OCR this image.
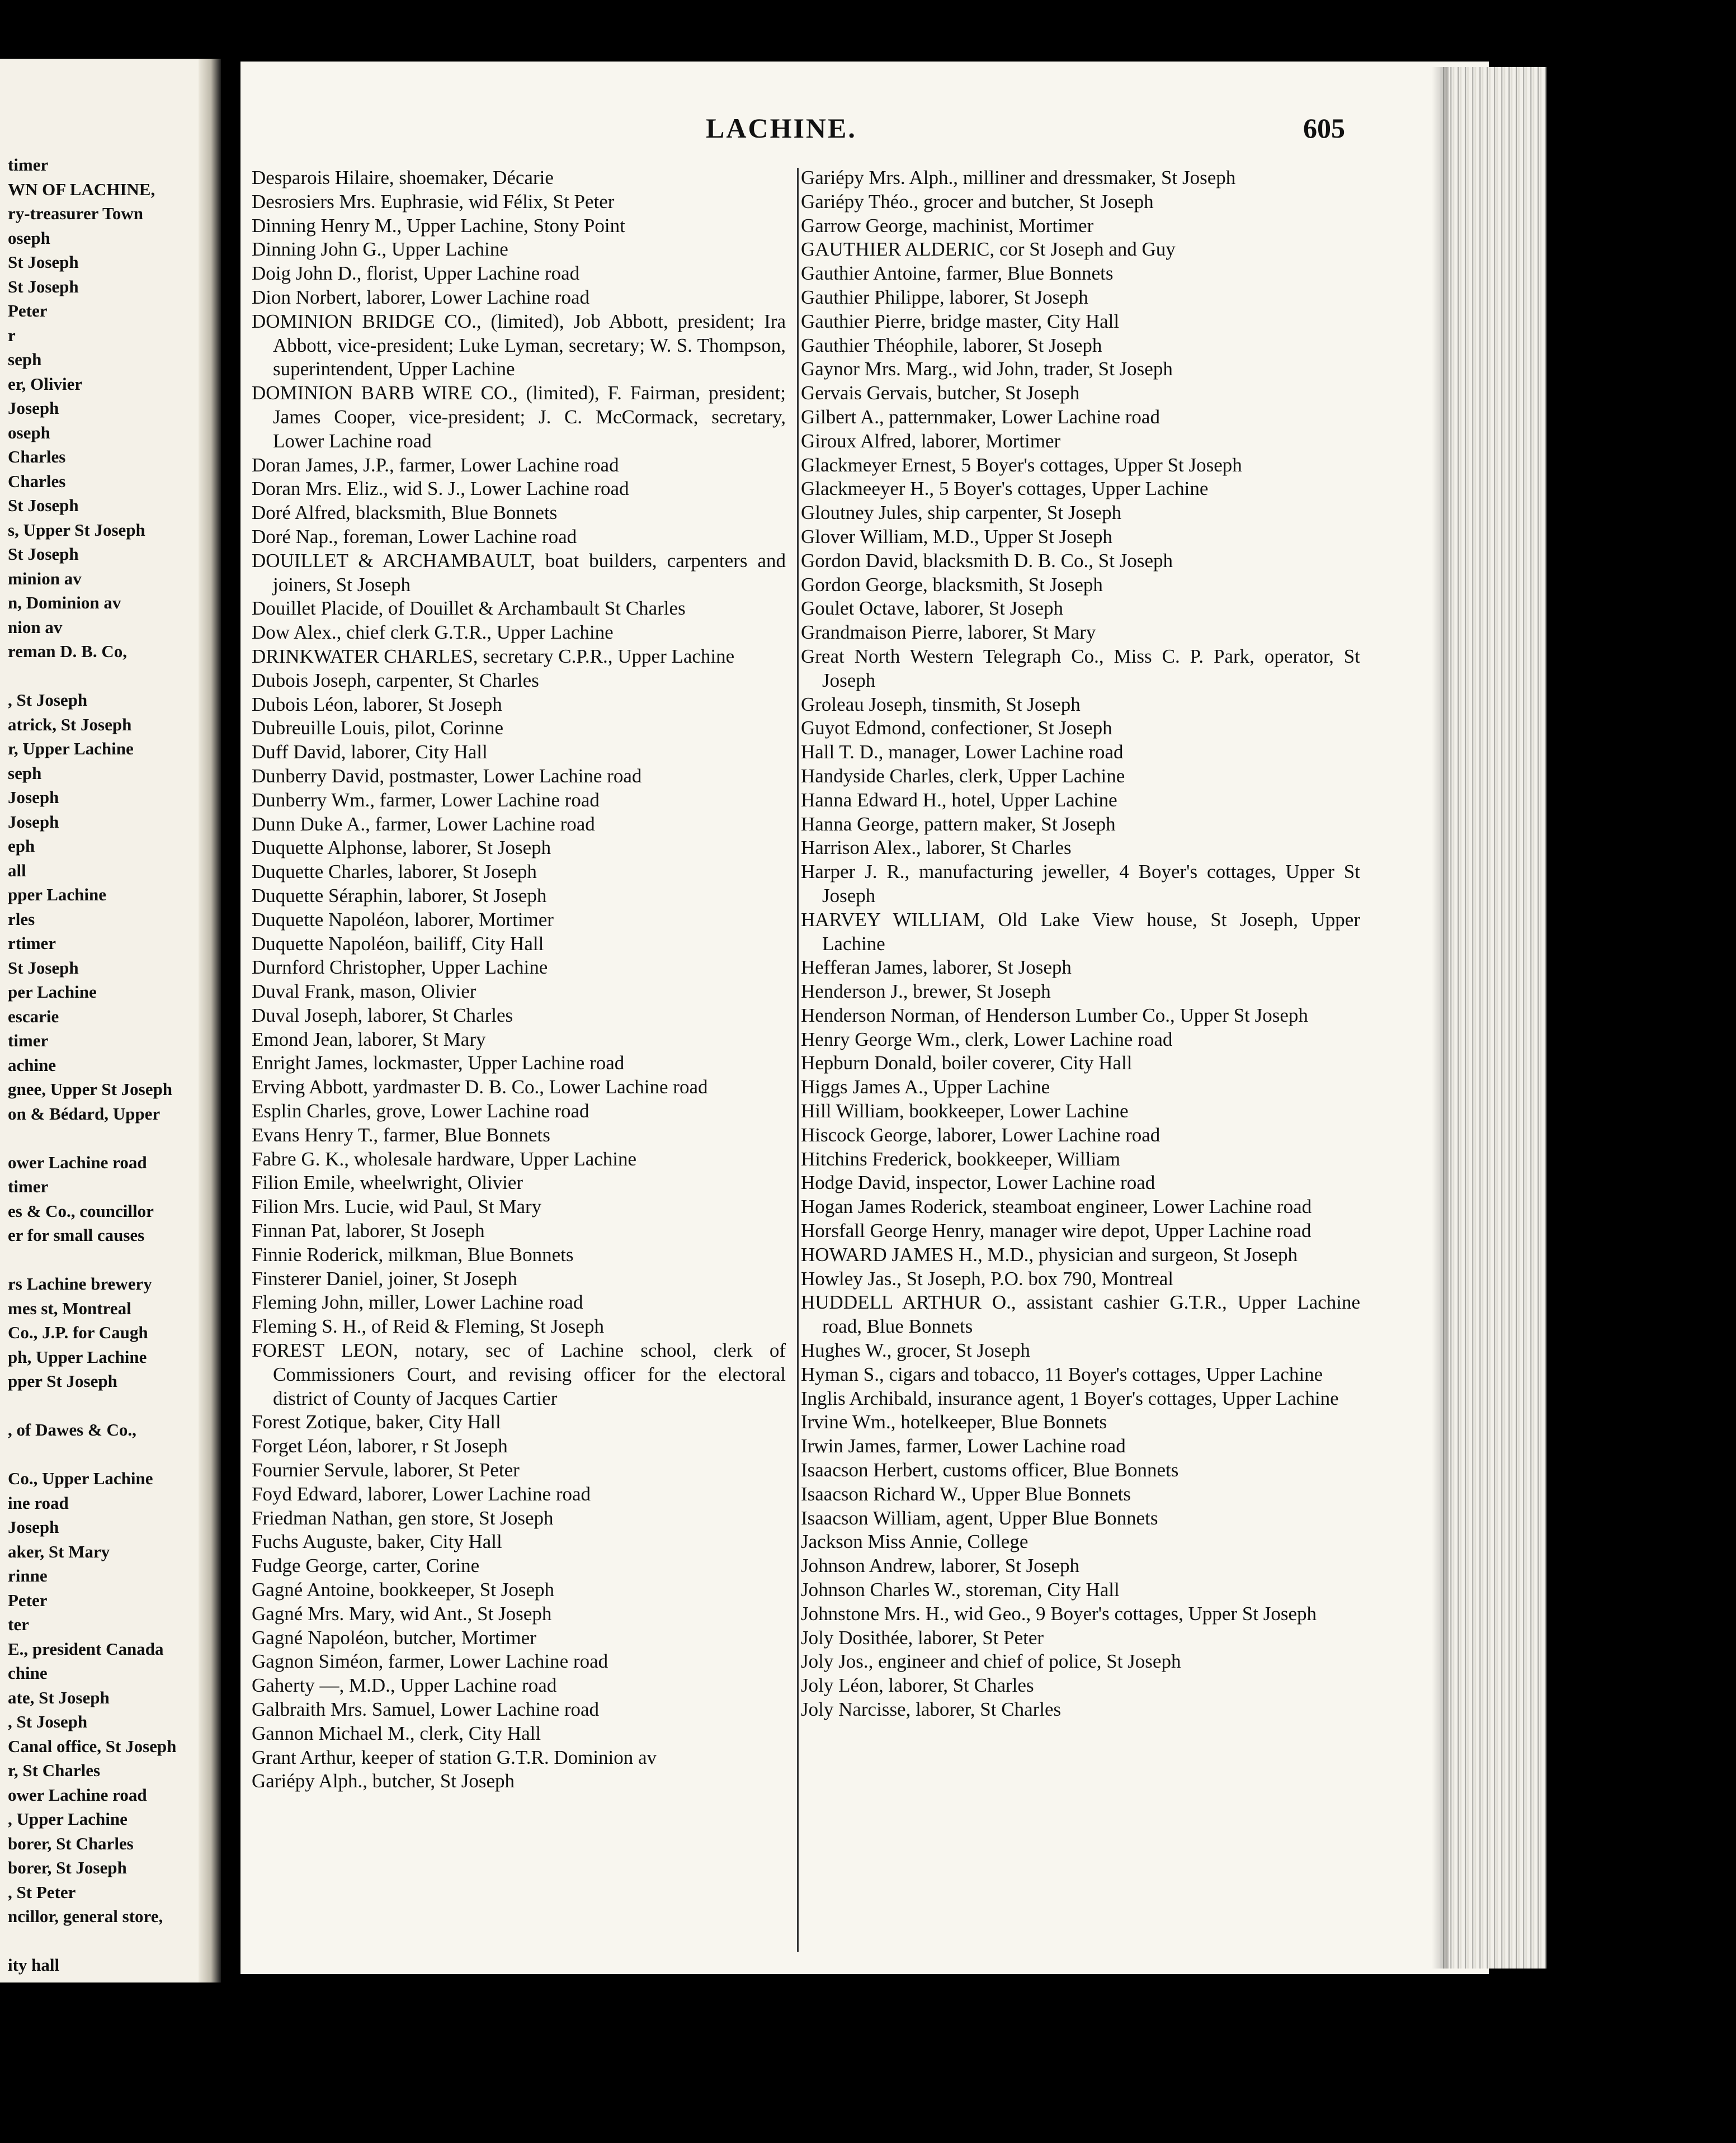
timer
WN OF LACHINE,
ry-treasurer Town
oseph
St Joseph
St Joseph
Peter
r
seph
er, Olivier
Joseph
oseph
Charles
Charles
St Joseph
s, Upper St Joseph
St Joseph
minion av
n, Dominion av
nion av
reman D. B. Co,
, St Joseph
atrick, St Joseph
r, Upper Lachine
seph
Joseph
Joseph
eph
all
pper Lachine
rles
rtimer
St Joseph
per Lachine
escarie
timer
achine
gnee, Upper St Joseph
on & Bédard, Upper
ower Lachine road
timer
es & Co., councillor
er for small causes
rs Lachine brewery
mes st, Montreal
Co., J.P. for Caugh
ph, Upper Lachine
pper St Joseph
, of Dawes & Co.,
Co., Upper Lachine
ine road
Joseph
aker, St Mary
rinne
Peter
ter
E., president Canada
chine
ate, St Joseph
, St Joseph
Canal office, St Joseph
r, St Charles
ower Lachine road
, Upper Lachine
borer, St Charles
borer, St Joseph
, St Peter
ncillor, general store,
ity hall
LACHINE.	605
Desparois Hilaire, shoemaker, Décarie
Desrosiers Mrs. Euphrasie, wid Félix, St Peter
Dinning Henry M., Upper Lachine, Stony Point
Dinning John G., Upper Lachine
Doig John D., florist, Upper Lachine road
Dion Norbert, laborer, Lower Lachine road
DOMINION BRIDGE CO., (limited), Job Abbott, president; Ira Abbott, vice-president; Luke Lyman, secretary; W. S. Thompson, superintendent, Upper Lachine
DOMINION BARB WIRE CO., (limited), F. Fairman, president; James Cooper, vice-president; J. C. McCormack, secretary, Lower Lachine road
Doran James, J.P., farmer, Lower Lachine road
Doran Mrs. Eliz., wid S. J., Lower Lachine road
Doré Alfred, blacksmith, Blue Bonnets
Doré Nap., foreman, Lower Lachine road
DOUILLET & ARCHAMBAULT, boat builders, carpenters and joiners, St Joseph
Douillet Placide, of Douillet & Archambault St Charles
Dow Alex., chief clerk G.T.R., Upper Lachine
DRINKWATER CHARLES, secretary C.P.R., Upper Lachine
Dubois Joseph, carpenter, St Charles
Dubois Léon, laborer, St Joseph
Dubreuille Louis, pilot, Corinne
Duff David, laborer, City Hall
Dunberry David, postmaster, Lower Lachine road
Dunberry Wm., farmer, Lower Lachine road
Dunn Duke A., farmer, Lower Lachine road
Duquette Alphonse, laborer, St Joseph
Duquette Charles, laborer, St Joseph
Duquette Séraphin, laborer, St Joseph
Duquette Napoléon, laborer, Mortimer
Duquette Napoléon, bailiff, City Hall
Durnford Christopher, Upper Lachine
Duval Frank, mason, Olivier
Duval Joseph, laborer, St Charles
Emond Jean, laborer, St Mary
Enright James, lockmaster, Upper Lachine road
Erving Abbott, yardmaster D. B. Co., Lower Lachine road
Esplin Charles, grove, Lower Lachine road
Evans Henry T., farmer, Blue Bonnets
Fabre G. K., wholesale hardware, Upper Lachine
Filion Emile, wheelwright, Olivier
Filion Mrs. Lucie, wid Paul, St Mary
Finnan Pat, laborer, St Joseph
Finnie Roderick, milkman, Blue Bonnets
Finsterer Daniel, joiner, St Joseph
Fleming John, miller, Lower Lachine road
Fleming S. H., of Reid & Fleming, St Joseph
FOREST LEON, notary, sec of Lachine school, clerk of Commissioners Court, and revising officer for the electoral district of County of Jacques Cartier
Forest Zotique, baker, City Hall
Forget Léon, laborer, r St Joseph
Fournier Servule, laborer, St Peter
Foyd Edward, laborer, Lower Lachine road
Friedman Nathan, gen store, St Joseph
Fuchs Auguste, baker, City Hall
Fudge George, carter, Corine
Gagné Antoine, bookkeeper, St Joseph
Gagné Mrs. Mary, wid Ant., St Joseph
Gagné Napoléon, butcher, Mortimer
Gagnon Siméon, farmer, Lower Lachine road
Gaherty —, M.D., Upper Lachine road
Galbraith Mrs. Samuel, Lower Lachine road
Gannon Michael M., clerk, City Hall
Grant Arthur, keeper of station G.T.R. Dominion av
Gariépy Alph., butcher, St Joseph
Gariépy Mrs. Alph., milliner and dressmaker, St Joseph
Gariépy Théo., grocer and butcher, St Joseph
Garrow George, machinist, Mortimer
GAUTHIER ALDERIC, cor St Joseph and Guy
Gauthier Antoine, farmer, Blue Bonnets
Gauthier Philippe, laborer, St Joseph
Gauthier Pierre, bridge master, City Hall
Gauthier Théophile, laborer, St Joseph
Gaynor Mrs. Marg., wid John, trader, St Joseph
Gervais Gervais, butcher, St Joseph
Gilbert A., patternmaker, Lower Lachine road
Giroux Alfred, laborer, Mortimer
Glackmeyer Ernest, 5 Boyer's cottages, Upper St Joseph
Glackmeeyer H., 5 Boyer's cottages, Upper Lachine
Gloutney Jules, ship carpenter, St Joseph
Glover William, M.D., Upper St Joseph
Gordon David, blacksmith D. B. Co., St Joseph
Gordon George, blacksmith, St Joseph
Goulet Octave, laborer, St Joseph
Grandmaison Pierre, laborer, St Mary
Great North Western Telegraph Co., Miss C. P. Park, operator, St Joseph
Groleau Joseph, tinsmith, St Joseph
Guyot Edmond, confectioner, St Joseph
Hall T. D., manager, Lower Lachine road
Handyside Charles, clerk, Upper Lachine
Hanna Edward H., hotel, Upper Lachine
Hanna George, pattern maker, St Joseph
Harrison Alex., laborer, St Charles
Harper J. R., manufacturing jeweller, 4 Boyer's cottages, Upper St Joseph
HARVEY WILLIAM, Old Lake View house, St Joseph, Upper Lachine
Hefferan James, laborer, St Joseph
Henderson J., brewer, St Joseph
Henderson Norman, of Henderson Lumber Co., Upper St Joseph
Henry George Wm., clerk, Lower Lachine road
Hepburn Donald, boiler coverer, City Hall
Higgs James A., Upper Lachine
Hill William, bookkeeper, Lower Lachine
Hiscock George, laborer, Lower Lachine road
Hitchins Frederick, bookkeeper, William
Hodge David, inspector, Lower Lachine road
Hogan James Roderick, steamboat engineer, Lower Lachine road
Horsfall George Henry, manager wire depot, Upper Lachine road
HOWARD JAMES H., M.D., physician and surgeon, St Joseph
Howley Jas., St Joseph, P.O. box 790, Montreal
HUDDELL ARTHUR O., assistant cashier G.T.R., Upper Lachine road, Blue Bonnets
Hughes W., grocer, St Joseph
Hyman S., cigars and tobacco, 11 Boyer's cottages, Upper Lachine
Inglis Archibald, insurance agent, 1 Boyer's cottages, Upper Lachine
Irvine Wm., hotelkeeper, Blue Bonnets
Irwin James, farmer, Lower Lachine road
Isaacson Herbert, customs officer, Blue Bonnets
Isaacson Richard W., Upper Blue Bonnets
Isaacson William, agent, Upper Blue Bonnets
Jackson Miss Annie, College
Johnson Andrew, laborer, St Joseph
Johnson Charles W., storeman, City Hall
Johnstone Mrs. H., wid Geo., 9 Boyer's cottages, Upper St Joseph
Joly Dosithée, laborer, St Peter
Joly Jos., engineer and chief of police, St Joseph
Joly Léon, laborer, St Charles
Joly Narcisse, laborer, St Charles
